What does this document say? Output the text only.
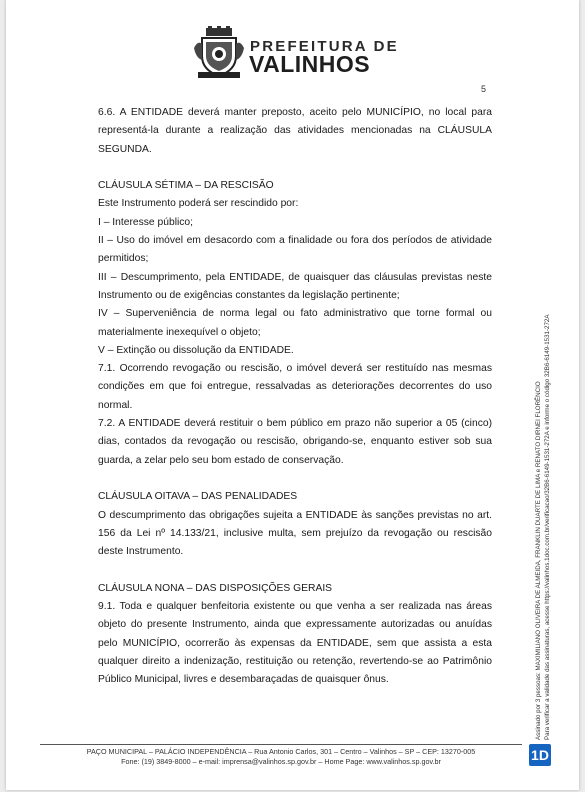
PREFEITURA DE
VALINHOS
5

6.6. A ENTIDADE deverá manter preposto, aceito pelo MUNICÍPIO, no local para representá-la durante a realização das atividades mencionadas na CLÁUSULA SEGUNDA.

CLÁUSULA SÉTIMA – DA RESCISÃO

Este Instrumento poderá ser rescindido por:

I – Interesse público;

II – Uso do imóvel em desacordo com a finalidade ou fora dos períodos de atividade permitidos;

III – Descumprimento, pela ENTIDADE, de quaisquer das cláusulas previstas neste Instrumento ou de exigências constantes da legislação pertinente;

IV – Superveniência de norma legal ou fato administrativo que torne formal ou materialmente inexequível o objeto;

V – Extinção ou dissolução da ENTIDADE.

7.1. Ocorrendo revogação ou rescisão, o imóvel deverá ser restituído nas mesmas condições em que foi entregue, ressalvadas as deteriorações decorrentes do uso normal.

7.2. A ENTIDADE deverá restituir o bem público em prazo não superior a 05 (cinco) dias, contados da revogação ou rescisão, obrigando-se, enquanto estiver sob sua guarda, a zelar pelo seu bom estado de conservação.

CLÁUSULA OITAVA – DAS PENALIDADES

O descumprimento das obrigações sujeita a ENTIDADE às sanções previstas no art. 156 da Lei nº 14.133/21, inclusive multa, sem prejuízo da revogação ou rescisão deste Instrumento.

CLÁUSULA NONA – DAS DISPOSIÇÕES GERAIS

9.1. Toda e qualquer benfeitoria existente ou que venha a ser realizada nas áreas objeto do presente Instrumento, ainda que expressamente autorizadas ou anuídas pelo MUNICÍPIO, ocorrerão às expensas da ENTIDADE, sem que assista a esta qualquer direito a indenização, restituição ou retenção, revertendo-se ao Patrimônio Público Municipal, livres e desembaraçadas de quaisquer ônus.

PAÇO MUNICIPAL – PALÁCIO INDEPENDÊNCIA – Rua Antonio Carlos, 301 – Centro – Valinhos – SP – CEP: 13270-005
Fone: (19) 3849-8000 – e-mail: imprensa@valinhos.sp.gov.br – Home Page: www.valinhos.sp.gov.br
Assinado por 3 pessoas: MAXIMILIANO OLIVEIRA DE ALMEIDA, FRANKLIN DUARTE DE LIMA e RENATO DIRNEI FLORÊNCIO Para verificar a validade das assinaturas, acesse https://valinhos.1doc.com.br/verificacao/32B6-6149-1531-272A e informe o código 32B6-6149-1531-272A
1D
